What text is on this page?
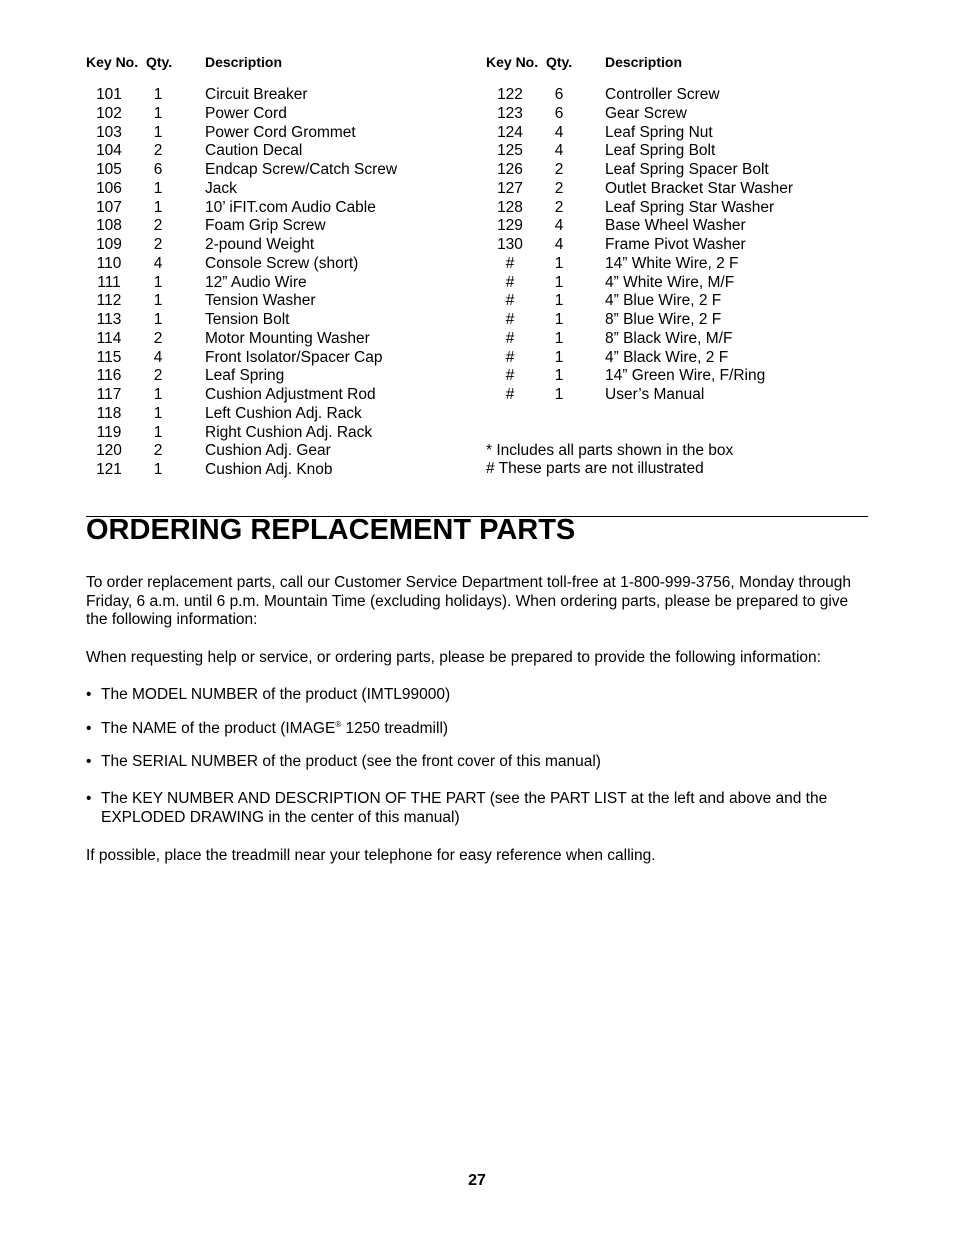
Key No. Qty. Description	Key No. Qty. Description
101	1	Circuit Breaker
102	1	Power Cord
103	1	Power Cord Grommet
104	2	Caution Decal
105	6	Endcap Screw/Catch Screw
106	1	Jack
107	1	10’ iFIT.com Audio Cable
108	2	Foam Grip Screw
109	2	2-pound Weight
110	4	Console Screw (short)
111	1	12” Audio Wire
112	1	Tension Washer
113	1	Tension Bolt
114	2	Motor Mounting Washer
115	4	Front Isolator/Spacer Cap
116	2	Leaf Spring
117	1	Cushion Adjustment Rod
118	1	Left Cushion Adj. Rack
119	1	Right Cushion Adj. Rack
120	2	Cushion Adj. Gear
121	1	Cushion Adj. Knob
122	6	Controller Screw
123	6	Gear Screw
124	4	Leaf Spring Nut
125	4	Leaf Spring Bolt
126	2	Leaf Spring Spacer Bolt
127	2	Outlet Bracket Star Washer
128	2	Leaf Spring Star Washer
129	4	Base Wheel Washer
130	4	Frame Pivot Washer
#	1	14” White Wire, 2 F
#	1	4” White Wire, M/F
#	1	4” Blue Wire, 2 F
#	1	8” Blue Wire, 2 F
#	1	8” Black Wire, M/F
#	1	4” Black Wire, 2 F
#	1	14” Green Wire, F/Ring
#	1	User’s Manual
* Includes all parts shown in the box
# These parts are not illustrated
ORDERING REPLACEMENT PARTS

To order replacement parts, call our Customer Service Department toll-free at 1-800-999-3756, Monday through Friday, 6 a.m. until 6 p.m. Mountain Time (excluding holidays). When ordering parts, please be prepared to give the following information:

When requesting help or service, or ordering parts, please be prepared to provide the following information:

• The MODEL NUMBER of the product (IMTL99000)
• The NAME of the product (IMAGE® 1250 treadmill)
• The SERIAL NUMBER of the product (see the front cover of this manual)
• The KEY NUMBER AND DESCRIPTION OF THE PART (see the PART LIST at the left and above and the EXPLODED DRAWING in the center of this manual)

If possible, place the treadmill near your telephone for easy reference when calling.

27
